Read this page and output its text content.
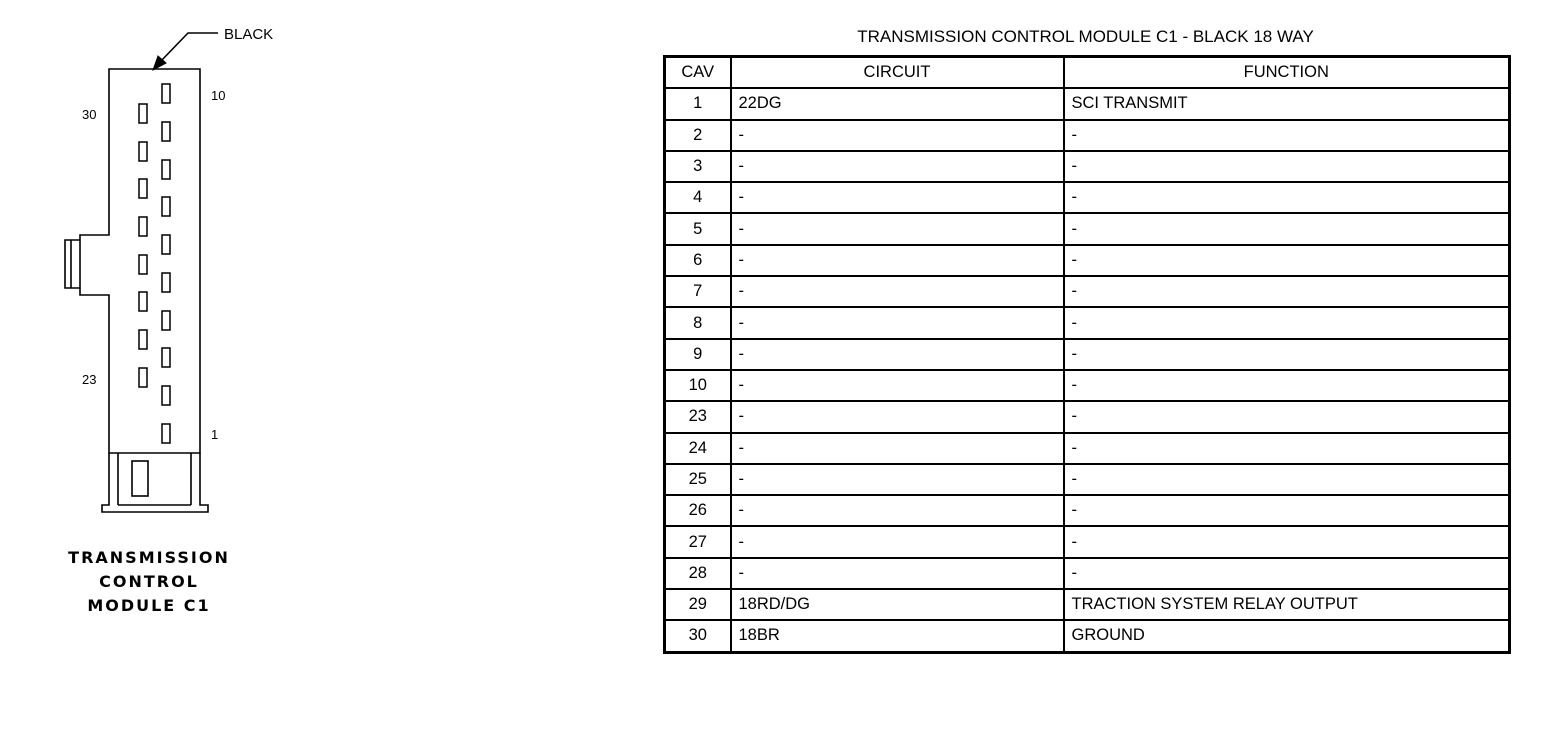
BLACK
10
30
23
1
TRANSMISSION
CONTROL
MODULE C1
TRANSMISSION CONTROL MODULE C1 - BLACK 18 WAY
CAV	CIRCUIT	FUNCTION
1	22DG	SCI TRANSMIT
2	-	-
3	-	-
4	-	-
5	-	-
6	-	-
7	-	-
8	-	-
9	-	-
10	-	-
23	-	-
24	-	-
25	-	-
26	-	-
27	-	-
28	-	-
29	18RD/DG	TRACTION SYSTEM RELAY OUTPUT
30	18BR	GROUND
